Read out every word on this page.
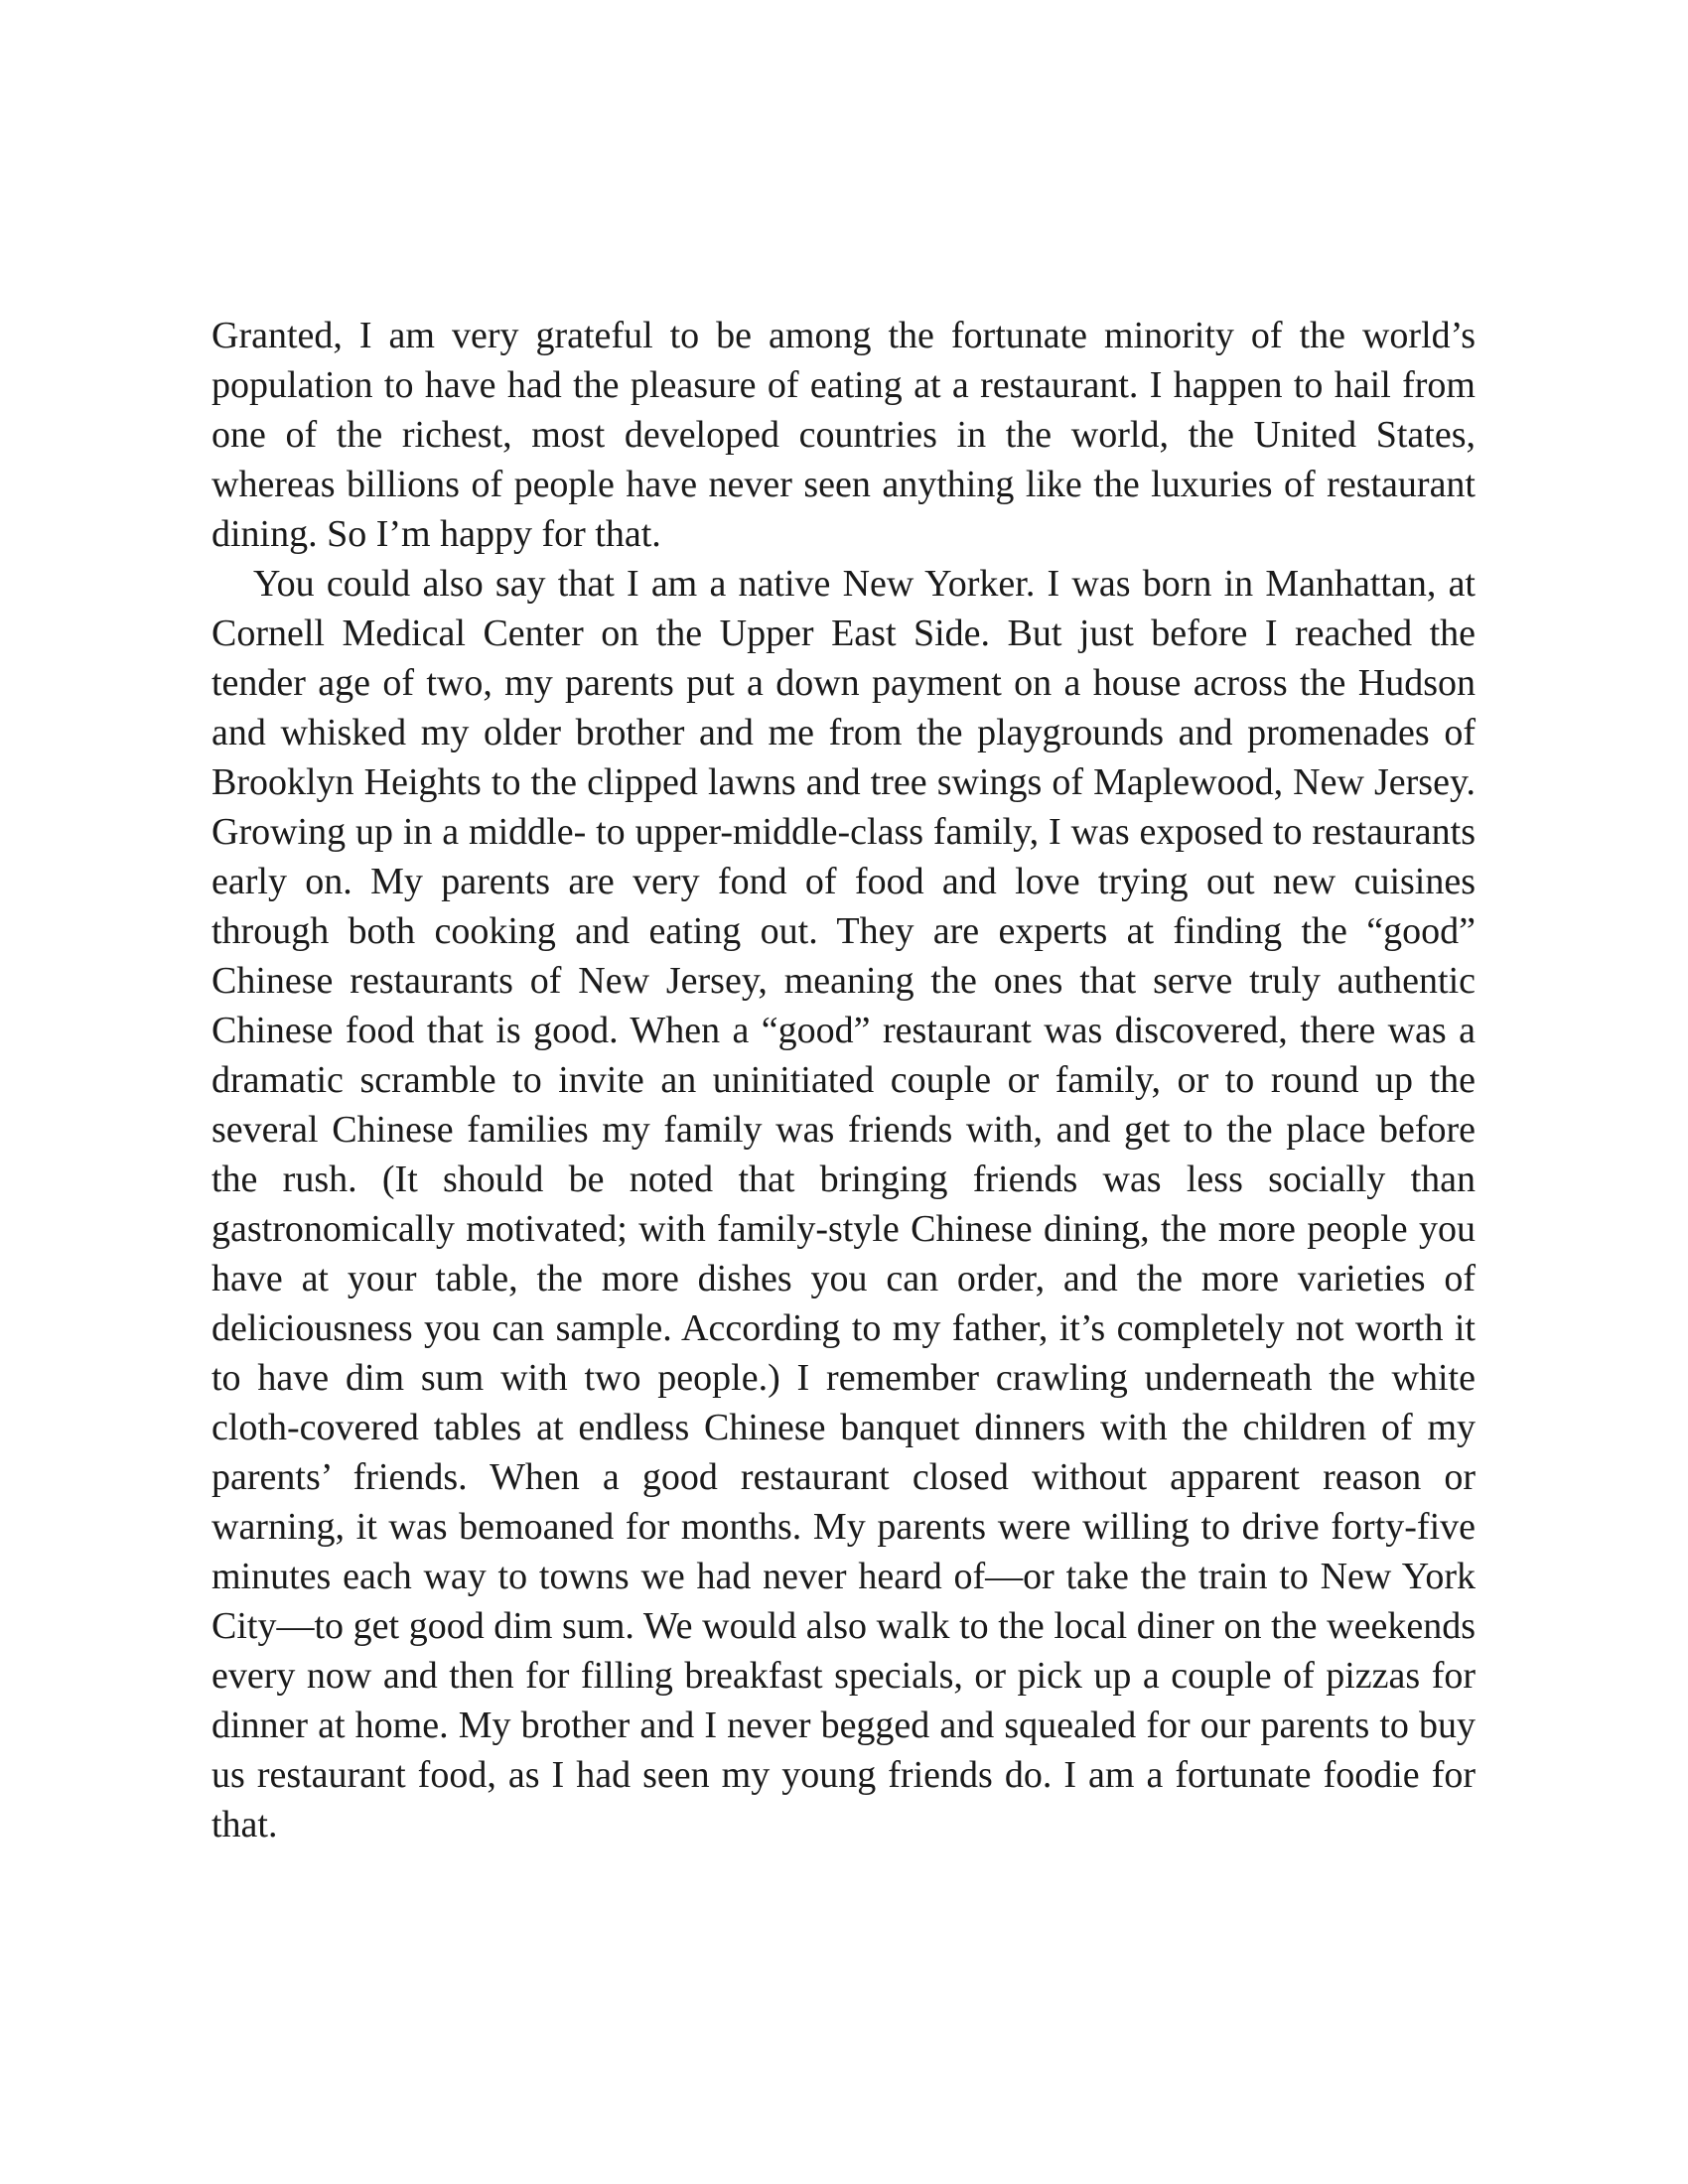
Granted, I am very grateful to be among the fortunate minority of the world’s population to have had the pleasure of eating at a restaurant. I happen to hail from one of the richest, most developed countries in the world, the United States, whereas billions of people have never seen anything like the luxuries of restaurant dining. So I’m happy for that.

You could also say that I am a native New Yorker. I was born in Manhattan, at Cornell Medical Center on the Upper East Side. But just before I reached the tender age of two, my parents put a down payment on a house across the Hudson and whisked my older brother and me from the playgrounds and promenades of Brooklyn Heights to the clipped lawns and tree swings of Maplewood, New Jersey. Growing up in a middle- to upper-middle-class family, I was exposed to restaurants early on. My parents are very fond of food and love trying out new cuisines through both cooking and eating out. They are experts at finding the “good” Chinese restaurants of New Jersey, meaning the ones that serve truly authentic Chinese food that is good. When a “good” restaurant was discovered, there was a dramatic scramble to invite an uninitiated couple or family, or to round up the several Chinese families my family was friends with, and get to the place before the rush. (It should be noted that bringing friends was less socially than gastronomically motivated; with family-style Chinese dining, the more people you have at your table, the more dishes you can order, and the more varieties of deliciousness you can sample. According to my father, it’s completely not worth it to have dim sum with two people.) I remember crawling underneath the white cloth-covered tables at endless Chinese banquet dinners with the children of my parents’ friends. When a good restaurant closed without apparent reason or warning, it was bemoaned for months. My parents were willing to drive forty-five minutes each way to towns we had never heard of—or take the train to New York City—to get good dim sum. We would also walk to the local diner on the weekends every now and then for filling breakfast specials, or pick up a couple of pizzas for dinner at home. My brother and I never begged and squealed for our parents to buy us restaurant food, as I had seen my young friends do. I am a fortunate foodie for that.
